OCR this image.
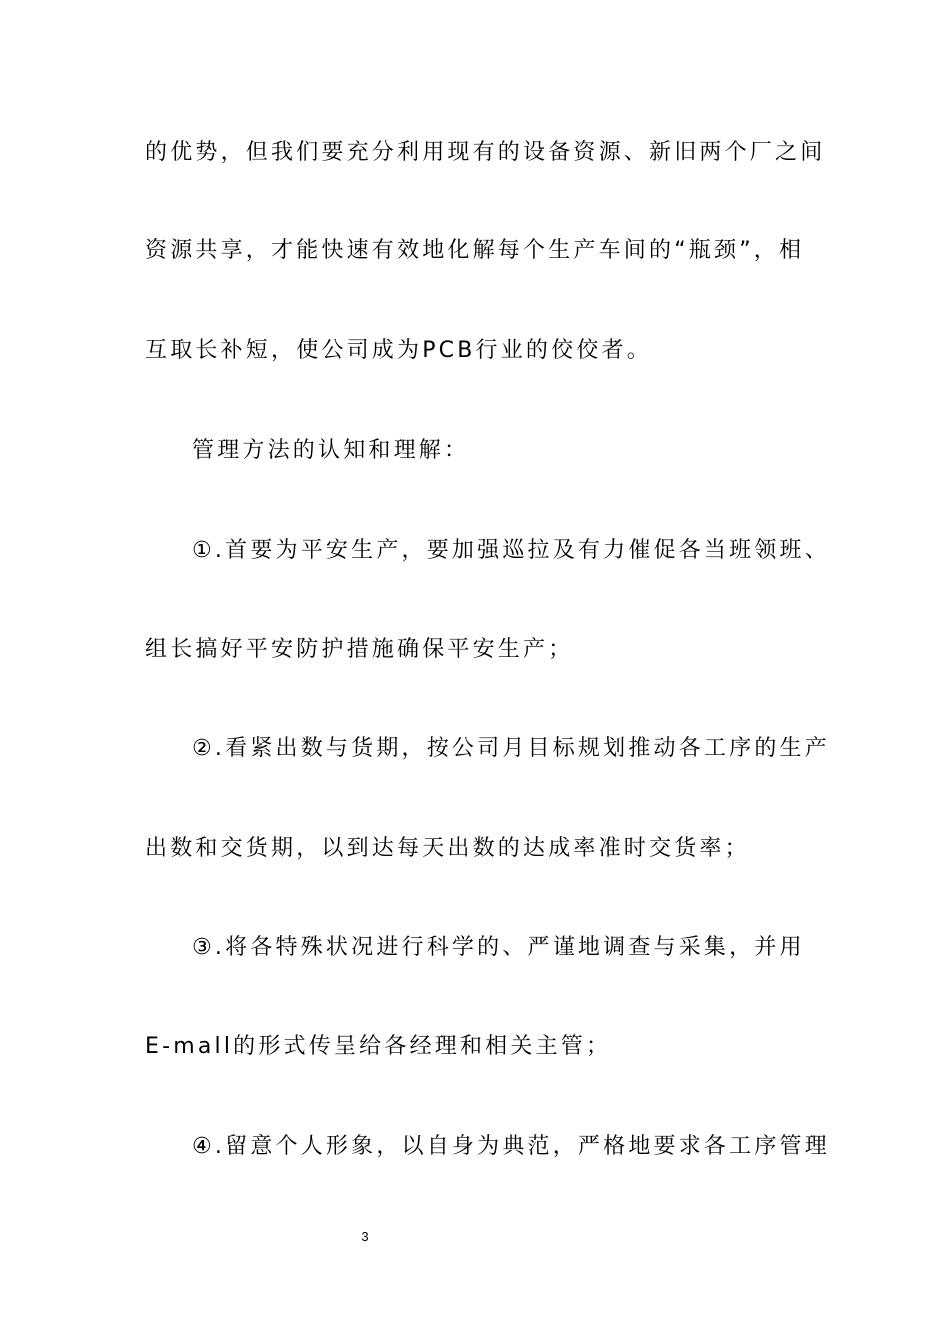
的优势，但我们要充分利用现有的设备资源、新旧两个厂之间
资源共享，才能快速有效地化解每个生产车间的“瓶颈”，相
互取长补短，使公司成为PCB行业的佼佼者。
管理方法的认知和理解：
①.首要为平安生产，要加强巡拉及有力催促各当班领班、
组长搞好平安防护措施确保平安生产；
②.看紧出数与货期，按公司月目标规划推动各工序的生产
出数和交货期，以到达每天出数的达成率准时交货率；
③.将各特殊状况进行科学的、严谨地调查与采集，并用
E-mall的形式传呈给各经理和相关主管；
④.留意个人形象，以自身为典范，严格地要求各工序管理
3
